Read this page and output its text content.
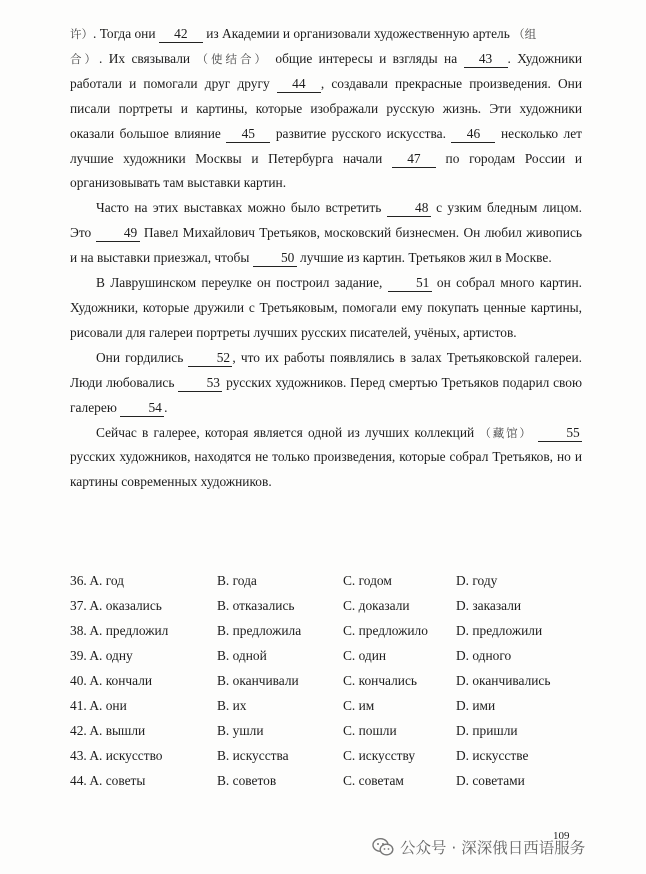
许）. Тогда они 42 из Академии и организовали художественную артель （组

合）. Их связывали （使结合） общие интересы и взгляды на 43 . Художники работали и помогали друг другу 44 , создавали прекрасные произведения. Они писали портреты и картины, которые изображали русскую жизнь. Эти художники оказали большое влияние 45 развитие русского искусства. 46 несколько лет лучшие художники Москвы и Петербурга начали 47 по городам России и организовывать там выставки картин.

Часто на этих выставках можно было встретить 48 с узким бледным лицом. Это 49 Павел Михайлович Третьяков, московский бизнесмен. Он любил живопись и на выставки приезжал, чтобы 50 лучшие из картин. Третьяков жил в Москве.

В Лаврушинском переулке он построил задание, 51 он собрал много картин. Художники, которые дружили с Третьяковым, помогали ему покупать ценные картины, рисовали для галереи портреты лучших русских писателей, учёных, артистов.

Они гордились 52 , что их работы появлялись в залах Третьяковской галереи. Люди любовались 53 русских художников. Перед смертью Третьяков подарил свою галерею 54 .

Сейчас в галерее, которая является одной из лучших коллекций （藏馆）	55 русских художников, находятся не только произведения, которые собрал Третьяков, но и картины современных художников.

36. A. год	B. года	C. годом	D. году
37. A. оказались	B. отказались	C. доказали	D. заказали
38. A. предложил	B. предложила	C. предложило D. предложили
39. A. одну	B. одной	C. один	D. одного
40. A. кончали	B. оканчивали	C. кончались	D. оканчивались
41. A. они	B. их	C. им	D. ими
42. A. вышли	B. ушли	C. пошли	D. пришли
43. A. искусство	B. искусства	C. искусству	D. искусстве
44. A. советы	B. советов	C. советам	D. советами
109
公众号 · 深深俄日西语服务
